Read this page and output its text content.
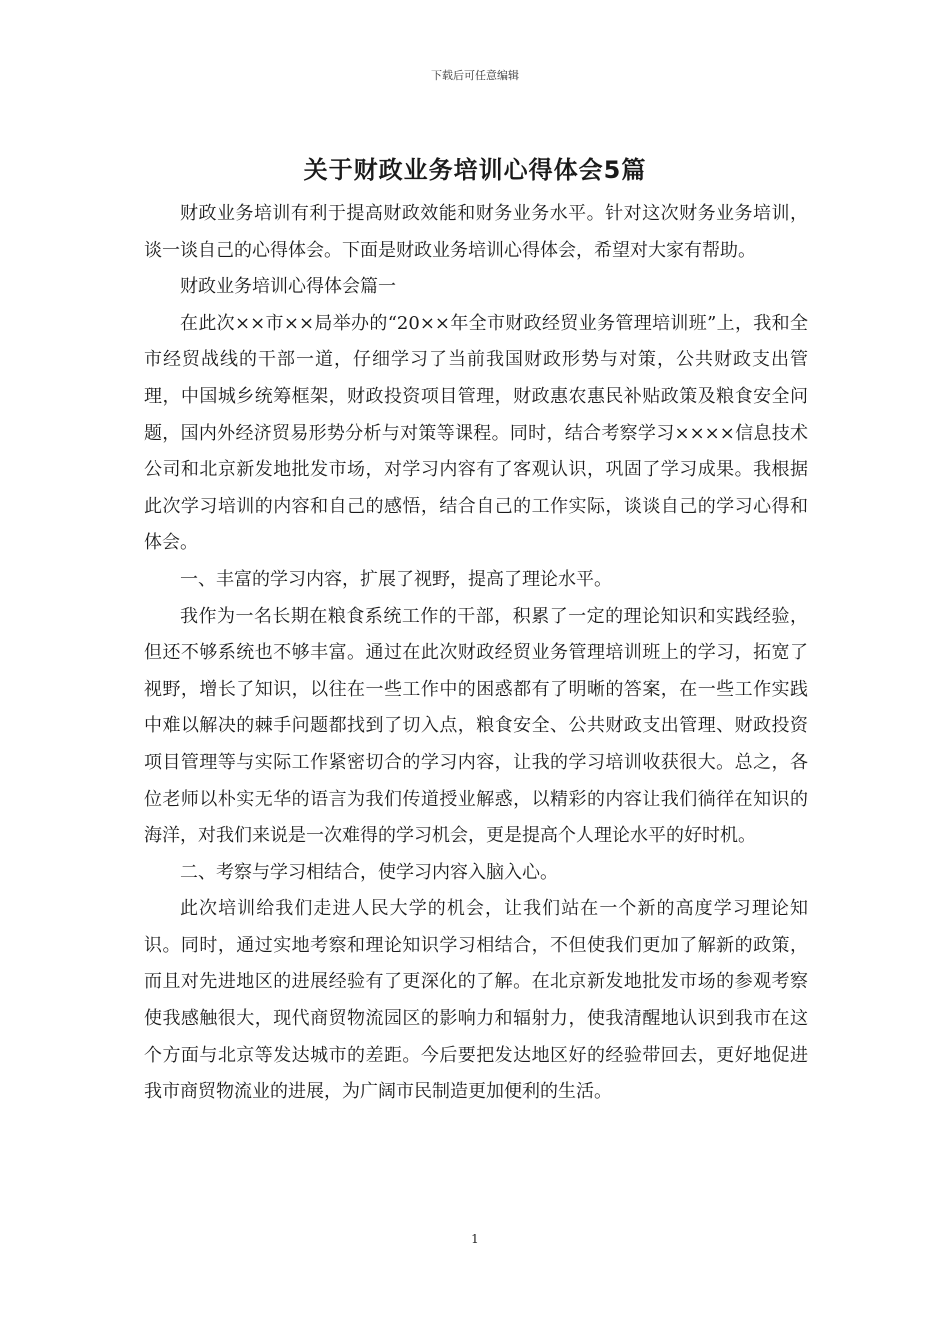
下载后可任意编辑
关于财政业务培训心得体会5篇

财政业务培训有利于提高财政效能和财务业务水平。针对这次财务业务培训，谈一谈自己的心得体会。下面是财政业务培训心得体会，希望对大家有帮助。

财政业务培训心得体会篇一

在此次××市××局举办的“20××年全市财政经贸业务管理培训班”上，我和全市经贸战线的干部一道，仔细学习了当前我国财政形势与对策，公共财政支出管理，中国城乡统筹框架，财政投资项目管理，财政惠农惠民补贴政策及粮食安全问题，国内外经济贸易形势分析与对策等课程。同时，结合考察学习××××信息技术公司和北京新发地批发市场，对学习内容有了客观认识，巩固了学习成果。我根据此次学习培训的内容和自己的感悟，结合自己的工作实际，谈谈自己的学习心得和体会。

一、丰富的学习内容，扩展了视野，提高了理论水平。

我作为一名长期在粮食系统工作的干部，积累了一定的理论知识和实践经验，但还不够系统也不够丰富。通过在此次财政经贸业务管理培训班上的学习，拓宽了视野，增长了知识，以往在一些工作中的困惑都有了明晰的答案，在一些工作实践中难以解决的棘手问题都找到了切入点，粮食安全、公共财政支出管理、财政投资项目管理等与实际工作紧密切合的学习内容，让我的学习培训收获很大。总之，各位老师以朴实无华的语言为我们传道授业解惑，以精彩的内容让我们徜徉在知识的海洋，对我们来说是一次难得的学习机会，更是提高个人理论水平的好时机。

二、考察与学习相结合，使学习内容入脑入心。

此次培训给我们走进人民大学的机会，让我们站在一个新的高度学习理论知识。同时，通过实地考察和理论知识学习相结合，不但使我们更加了解新的政策，而且对先进地区的进展经验有了更深化的了解。在北京新发地批发市场的参观考察使我感触很大，现代商贸物流园区的影响力和辐射力，使我清醒地认识到我市在这个方面与北京等发达城市的差距。今后要把发达地区好的经验带回去，更好地促进我市商贸物流业的进展，为广阔市民制造更加便利的生活。

1
